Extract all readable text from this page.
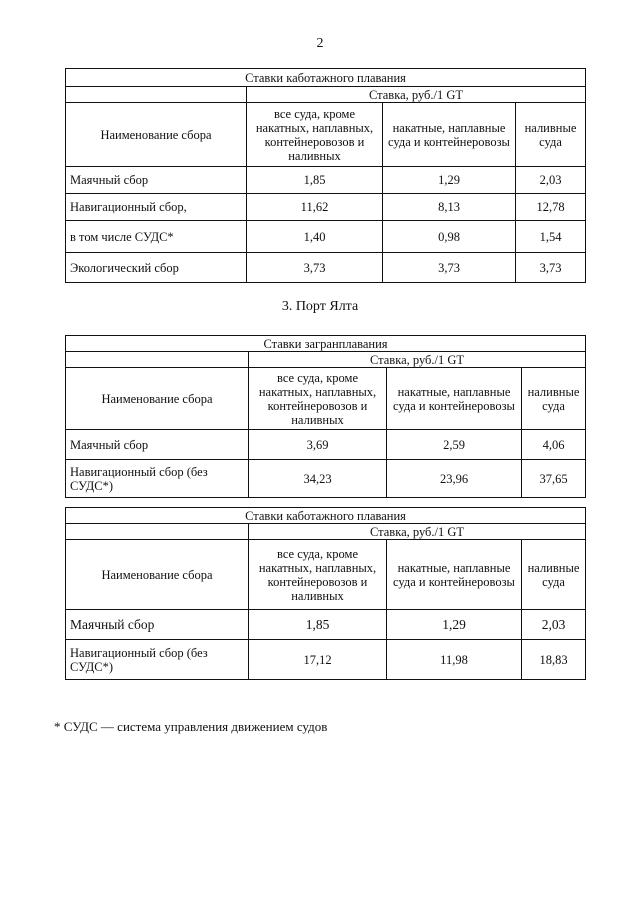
2
Ставки каботажного плавания			
	Ставка, руб./1 GT		
Наименование сбора	все суда, кроме накатных, наплавных, контейнеровозов и наливных	накатные, наплавные суда и контейнеровозы	наливные суда
Маячный сбор	1,85	1,29	2,03
Навигационный сбор,	11,62	8,13	12,78
в том числе СУДС*	1,40	0,98	1,54
Экологический сбор	3,73	3,73	3,73
3. Порт Ялта
Ставки загранплавания			
	Ставка, руб./1 GT		
Наименование сбора	все суда, кроме накатных, наплавных, контейнеровозов и наливных	накатные, наплавные суда и контейнеровозы	наливные суда
Маячный сбор	3,69	2,59	4,06
Навигационный сбор (без СУДС*)	34,23	23,96	37,65
Ставки каботажного плавания			
	Ставка, руб./1 GT		
Наименование сбора	все суда, кроме накатных, наплавных, контейнеровозов и наливных	накатные, наплавные суда и контейнеровозы	наливные суда
Маячный сбор	1,85	1,29	2,03
Навигационный сбор (без СУДС*)	17,12	11,98	18,83
* СУДС — система управления движением судов
